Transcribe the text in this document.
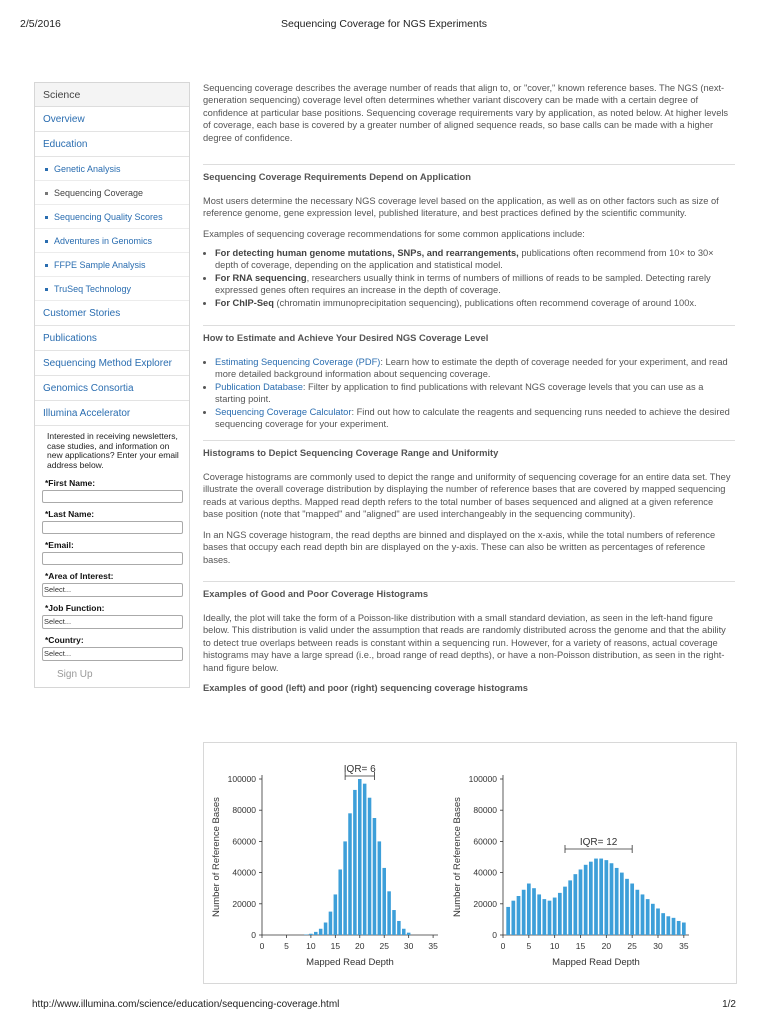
2/5/2016	Sequencing Coverage for NGS Experiments
Science
Overview
Education
Genetic Analysis
Sequencing Coverage
Sequencing Quality Scores
Adventures in Genomics
FFPE Sample Analysis
TruSeq Technology
Customer Stories
Publications
Sequencing Method Explorer
Genomics Consortia
Illumina Accelerator
Interested in receiving newsletters, case studies, and information on new applications? Enter your email address below.
*First Name:
*Last Name:
*Email:
*Area of Interest:
Select...
*Job Function:
Select...
*Country:
Select...
Sign Up

Sequencing coverage describes the average number of reads that align to, or "cover," known reference bases. The NGS (next-generation sequencing) coverage level often determines whether variant discovery can be made with a certain degree of confidence at particular base positions. Sequencing coverage requirements vary by application, as noted below. At higher levels of coverage, each base is covered by a greater number of aligned sequence reads, so base calls can be made with a higher degree of confidence.

Sequencing Coverage Requirements Depend on Application

Most users determine the necessary NGS coverage level based on the application, as well as on other factors such as size of reference genome, gene expression level, published literature, and best practices defined by the scientific community.

Examples of sequencing coverage recommendations for some common applications include:

• For detecting human genome mutations, SNPs, and rearrangements, publications often recommend from 10× to 30× depth of coverage, depending on the application and statistical model.
• For RNA sequencing, researchers usually think in terms of numbers of millions of reads to be sampled. Detecting rarely expressed genes often requires an increase in the depth of coverage.
• For ChIP-Seq (chromatin immunoprecipitation sequencing), publications often recommend coverage of around 100x.
How to Estimate and Achieve Your Desired NGS Coverage Level
• Estimating Sequencing Coverage (PDF): Learn how to estimate the depth of coverage needed for your experiment, and read more detailed background information about sequencing coverage.
• Publication Database: Filter by application to find publications with relevant NGS coverage levels that you can use as a starting point.
• Sequencing Coverage Calculator: Find out how to calculate the reagents and sequencing runs needed to achieve the desired sequencing coverage for your experiment.
Histograms to Depict Sequencing Coverage Range and Uniformity

Coverage histograms are commonly used to depict the range and uniformity of sequencing coverage for an entire data set. They illustrate the overall coverage distribution by displaying the number of reference bases that are covered by mapped sequencing reads at various depths. Mapped read depth refers to the total number of bases sequenced and aligned at a given reference base position (note that "mapped" and "aligned" are used interchangeably in the sequencing community).

In an NGS coverage histogram, the read depths are binned and displayed on the x-axis, while the total numbers of reference bases that occupy each read depth bin are displayed on the y-axis. These can also be written as percentages of reference bases.

Examples of Good and Poor Coverage Histograms

Ideally, the plot will take the form of a Poisson-like distribution with a small standard deviation, as seen in the left-hand figure below. This distribution is valid under the assumption that reads are randomly distributed across the genome and that the ability to detect true overlaps between reads is constant within a sequencing run. However, for a variety of reasons, actual coverage histograms may have a large spread (i.e., broad range of read depths), or have a non-Poisson distribution, as seen in the right-hand figure below.

Examples of good (left) and poor (right) sequencing coverage histograms
0
20000
40000
60000
80000
100000
0 5 10 15 20 25 30 35
Mapped Read Depth
Number of Reference Bases
IQR= 6
0
20000
40000
60000
80000
100000
0 5 10 15 20 25 30 35
Mapped Read Depth
Number of Reference Bases	IQR= 12
http://www.illumina.com/science/education/sequencing-coverage.html	1/2
